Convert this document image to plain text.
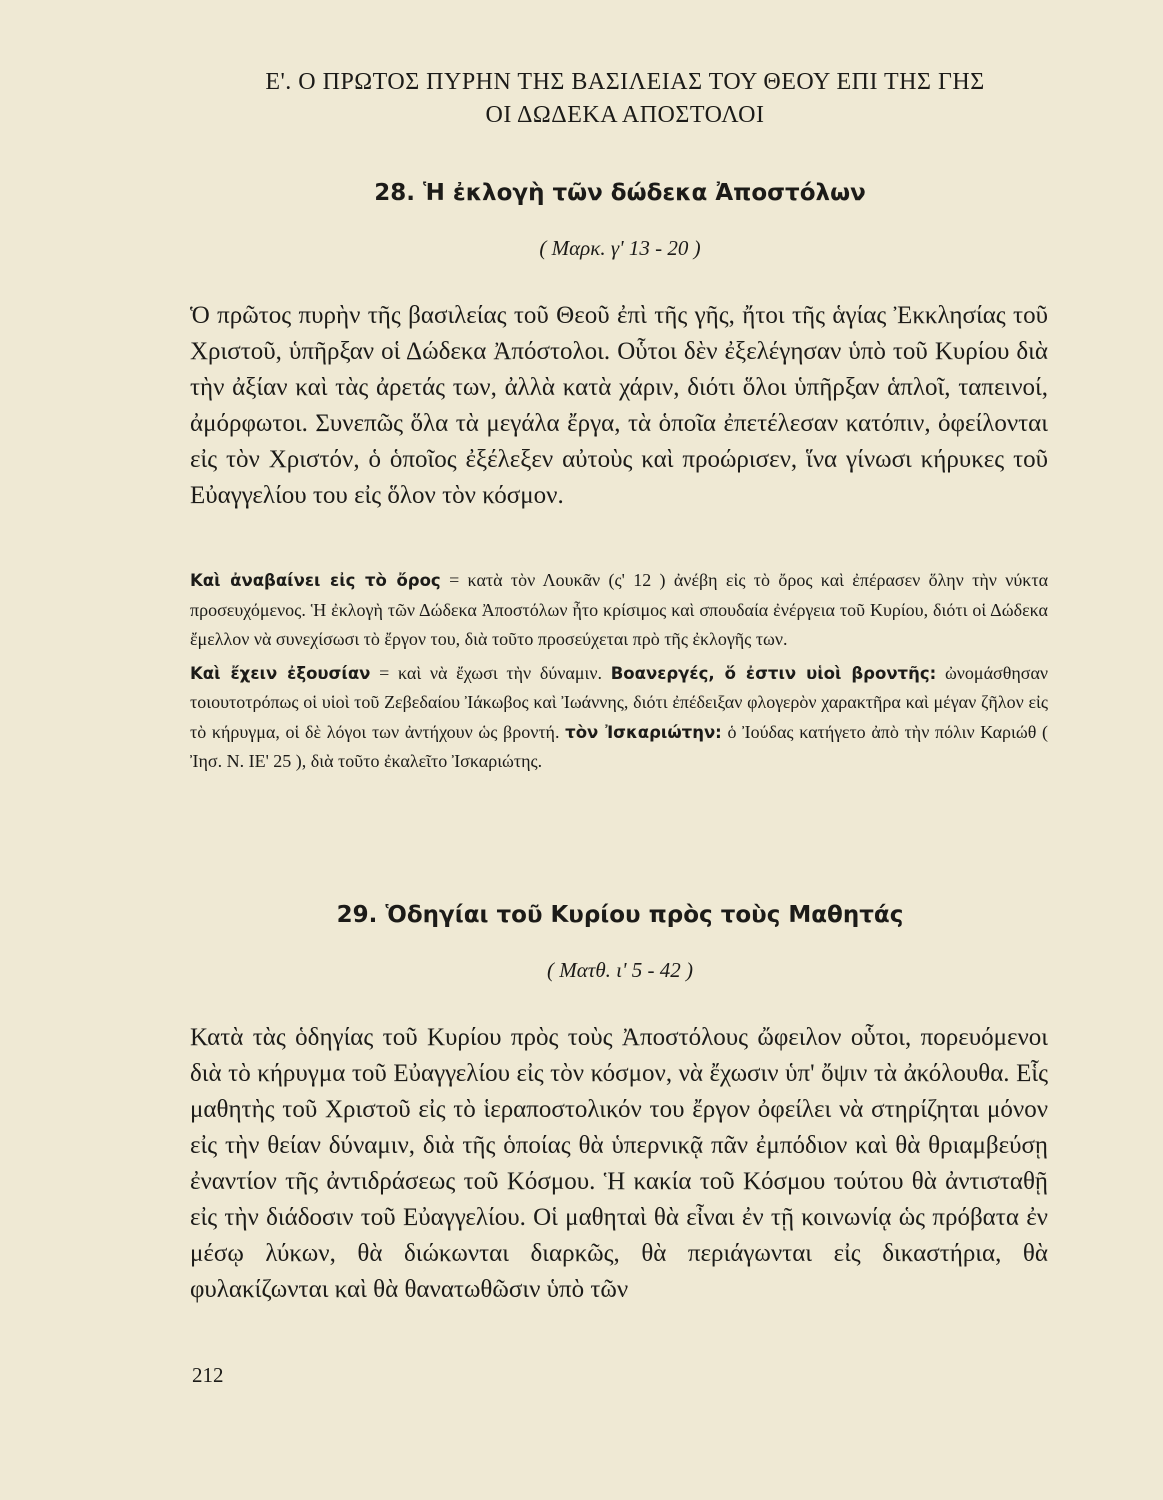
Ε'. Ο ΠΡΩΤΟΣ ΠΥΡΗΝ ΤΗΣ ΒΑΣΙΛΕΙΑΣ ΤΟΥ ΘΕΟΥ ΕΠΙ ΤΗΣ ΓΗΣ
ΟΙ ΔΩΔΕΚΑ ΑΠΟΣΤΟΛΟΙ
28. Ἡ ἐκλογὴ τῶν δώδεκα Ἀποστόλων
( Μαρκ. γ' 13 - 20 )

Ὁ πρῶτος πυρὴν τῆς βασιλείας τοῦ Θεοῦ ἐπὶ τῆς γῆς, ἤτοι τῆς ἁγίας Ἐκκλησίας τοῦ Χριστοῦ, ὑπῆρξαν οἱ Δώδεκα Ἀπόστολοι. Οὗτοι δὲν ἐξελέγησαν ὑπὸ τοῦ Κυρίου διὰ τὴν ἀξίαν καὶ τὰς ἀρετάς των, ἀλλὰ κατὰ χάριν, διότι ὅλοι ὑπῆρξαν ἁπλοῖ, ταπεινοί, ἀμόρφωτοι. Συνεπῶς ὅλα τὰ μεγάλα ἔργα, τὰ ὁποῖα ἐπετέλεσαν κατόπιν, ὀφείλονται εἰς τὸν Χριστόν, ὁ ὁποῖος ἐξέλεξεν αὐτοὺς καὶ προώρισεν, ἵνα γίνωσι κήρυκες τοῦ Εὐαγγελίου του εἰς ὅλον τὸν κόσμον.

Καὶ ἀναβαίνει εἰς τὸ ὄρος = κατὰ τὸν Λουκᾶν (ς' 12 ) ἀνέβη εἰς τὸ ὄρος καὶ ἐπέρασεν ὅλην τὴν νύκτα προσευχόμενος. Ἡ ἐκλογὴ τῶν Δώδεκα Ἀποστόλων ἦτο κρίσιμος καὶ σπουδαία ἐνέργεια τοῦ Κυρίου, διότι οἱ Δώδεκα ἔμελλον νὰ συνεχίσωσι τὸ ἔργον του, διὰ τοῦτο προσεύχεται πρὸ τῆς ἐκλογῆς των.

Καὶ ἔχειν ἐξουσίαν = καὶ νὰ ἔχωσι τὴν δύναμιν. Βοανεργές, ὅ ἐστιν υἱοὶ βροντῆς: ὠνομάσθησαν τοιουτοτρόπως οἱ υἱοὶ τοῦ Ζεβεδαίου Ἰάκωβος καὶ Ἰωάννης, διότι ἐπέδειξαν φλογερὸν χαρακτῆρα καὶ μέγαν ζῆλον εἰς τὸ κήρυγμα, οἱ δὲ λόγοι των ἀντήχουν ὡς βροντή. τὸν Ἰσκαριώτην: ὁ Ἰούδας κατήγετο ἀπὸ τὴν πόλιν Καριώθ ( Ἰησ. Ν. ΙΕ' 25 ), διὰ τοῦτο ἐκαλεῖτο Ἰσκαριώτης.

29. Ὁδηγίαι τοῦ Κυρίου πρὸς τοὺς Μαθητάς
( Ματθ. ι' 5 - 42 )

Κατὰ τὰς ὁδηγίας τοῦ Κυρίου πρὸς τοὺς Ἀποστόλους ὤφειλον οὗτοι, πορευόμενοι διὰ τὸ κήρυγμα τοῦ Εὐαγγελίου εἰς τὸν κόσμον, νὰ ἔχωσιν ὑπ' ὄψιν τὰ ἀκόλουθα. Εἷς μαθητὴς τοῦ Χριστοῦ εἰς τὸ ἱεραποστολικόν του ἔργον ὀφείλει νὰ στηρίζηται μόνον εἰς τὴν θείαν δύναμιν, διὰ τῆς ὁποίας θὰ ὑπερνικᾷ πᾶν ἐμπόδιον καὶ θὰ θριαμβεύσῃ ἐναντίον τῆς ἀντιδράσεως τοῦ Κόσμου. Ἡ κακία τοῦ Κόσμου τούτου θὰ ἀντισταθῇ εἰς τὴν διάδοσιν τοῦ Εὐαγγελίου. Οἱ μαθηταὶ θὰ εἶναι ἐν τῇ κοινωνίᾳ ὡς πρόβατα ἐν μέσῳ λύκων, θὰ διώκωνται διαρκῶς, θὰ περιάγωνται εἰς δικαστήρια, θὰ φυλακίζωνται καὶ θὰ θανατωθῶσιν ὑπὸ τῶν

212
